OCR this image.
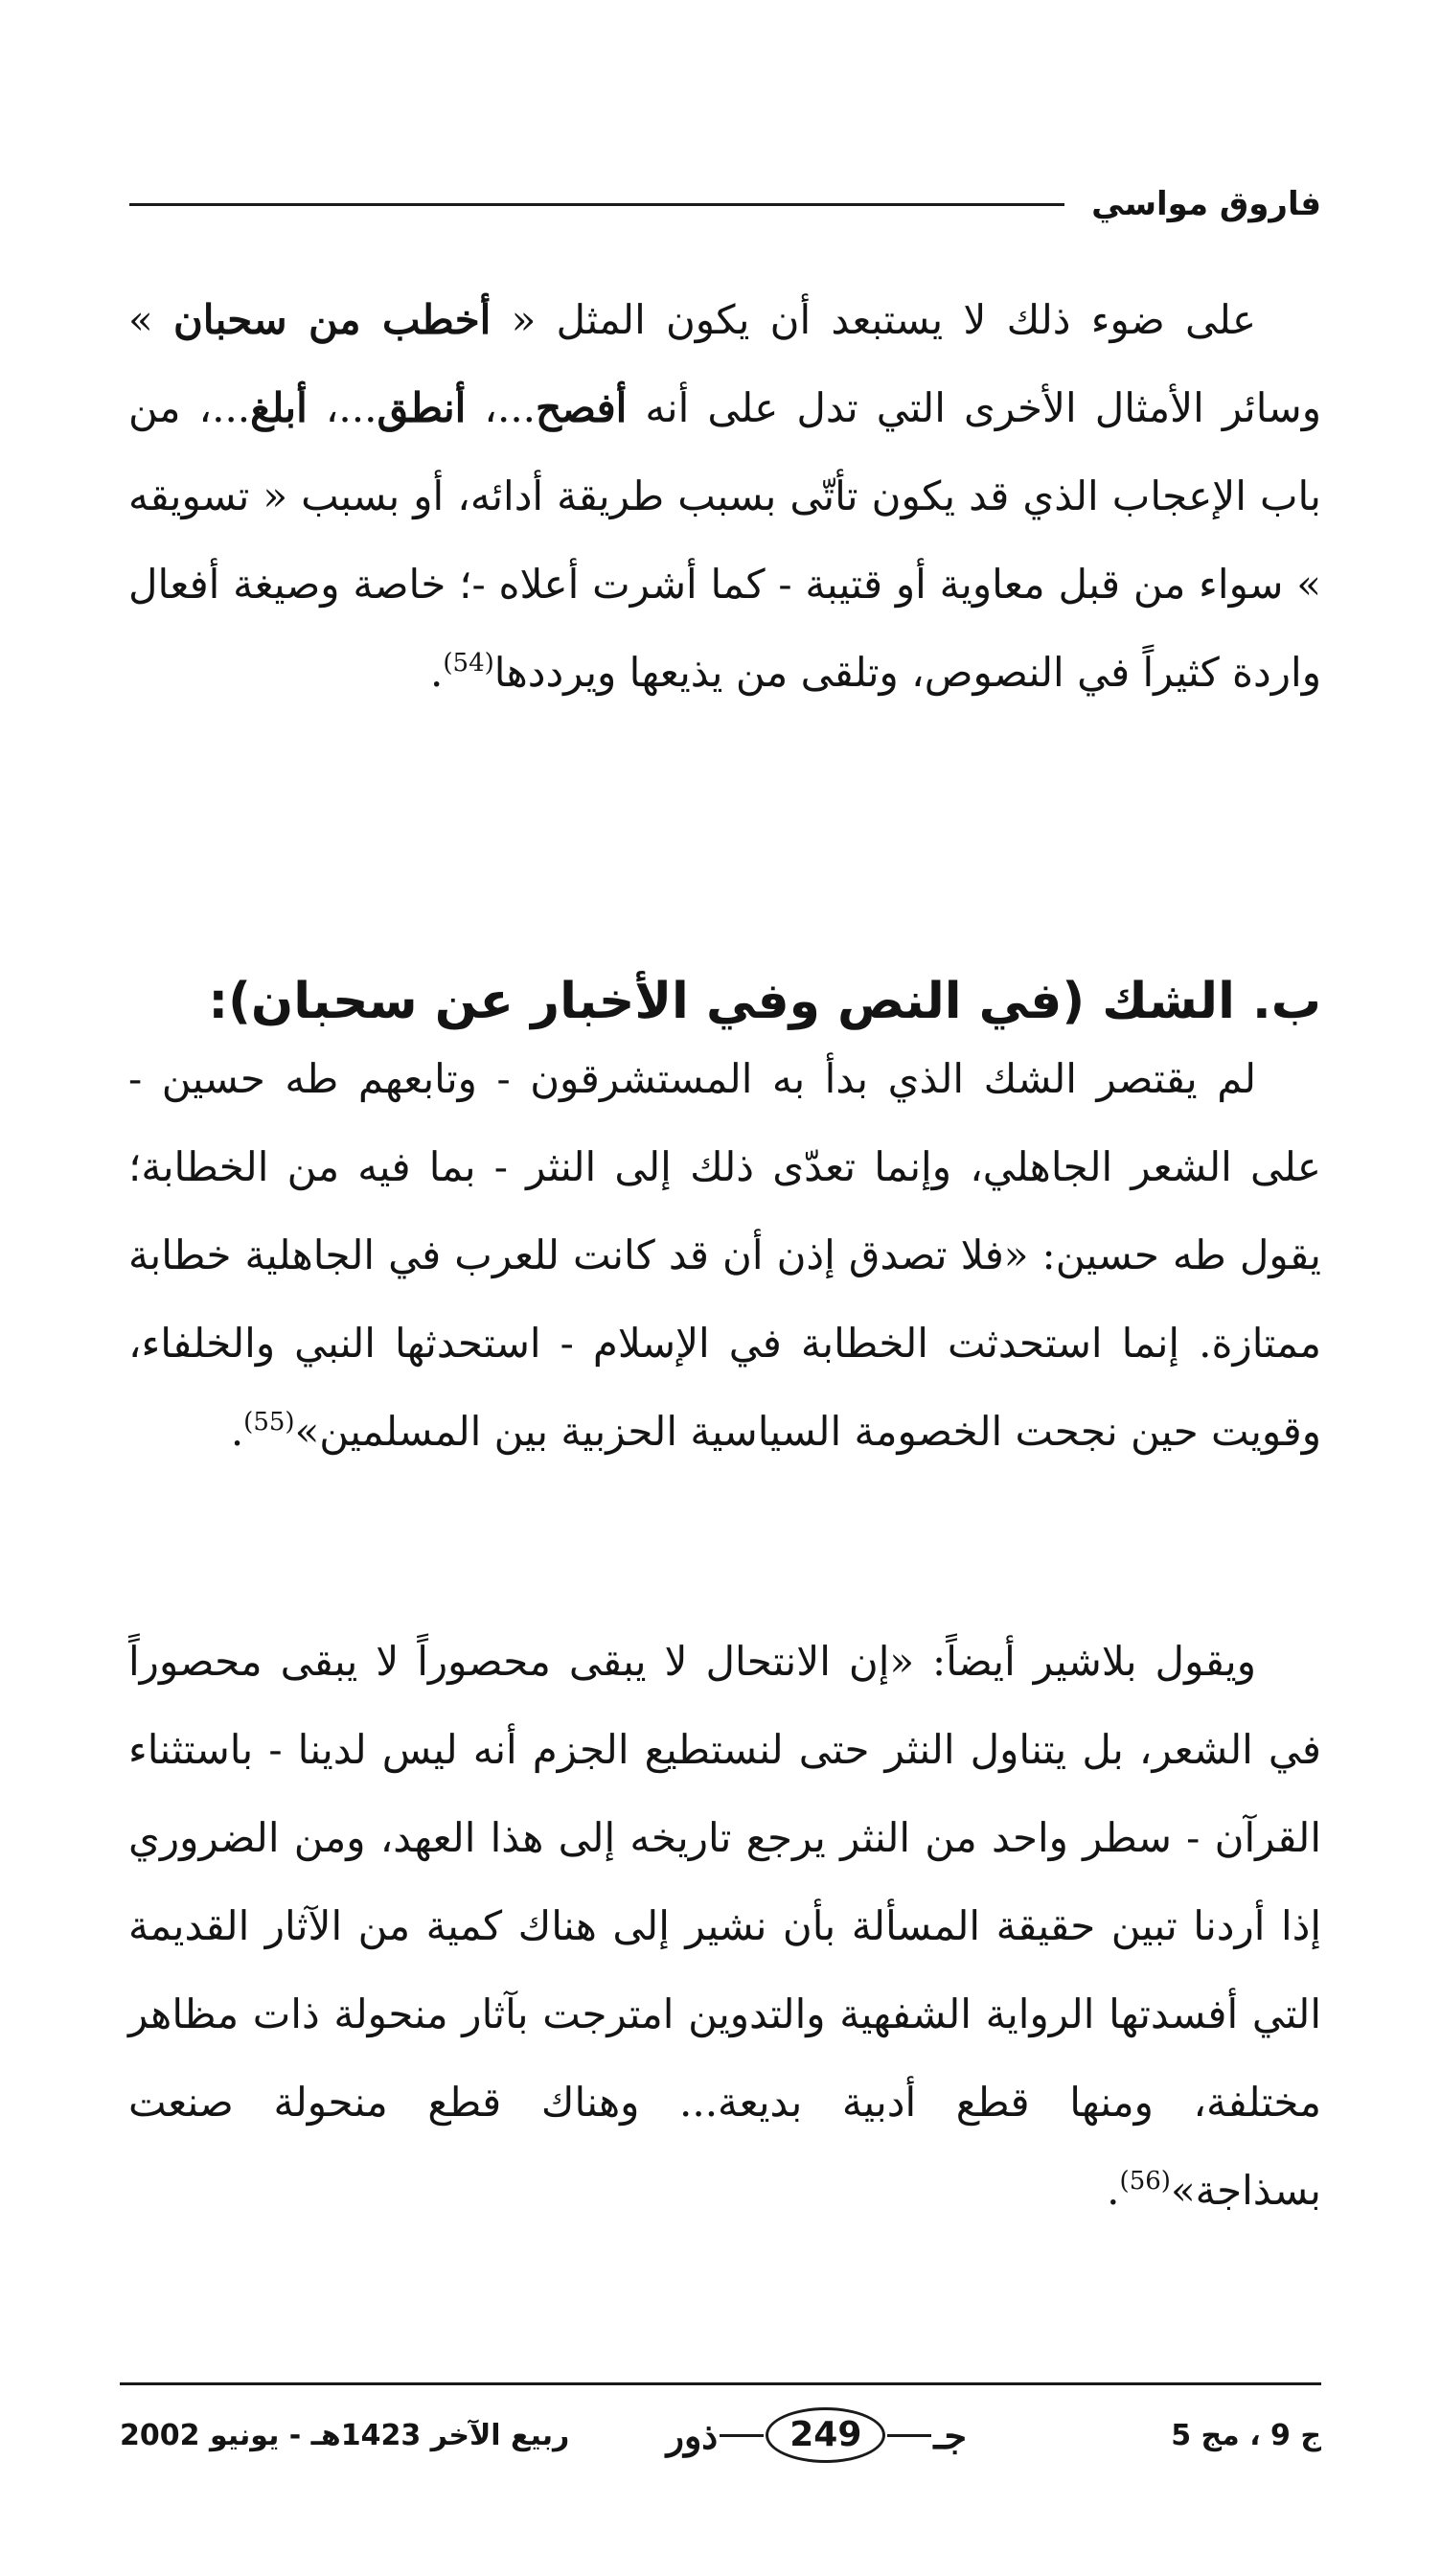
فاروق مواسي

على ضوء ذلك لا يستبعد أن يكون المثل « أخطب من سحبان » وسائر الأمثال الأخرى التي تدل على أنه أفصح...، أنطق...، أبلغ...، من باب الإعجاب الذي قد يكون تأتّى بسبب طريقة أدائه، أو بسبب « تسويقه » سواء من قبل معاوية أو قتيبة - كما أشرت أعلاه -؛ خاصة وصيغة أفعال واردة كثيراً في النصوص، وتلقى من يذيعها ويرددها$^{(54)}$.

ب. الشك (في النص وفي الأخبار عن سحبان):

لم يقتصر الشك الذي بدأ به المستشرقون - وتابعهم طه حسين - على الشعر الجاهلي، وإنما تعدّى ذلك إلى النثر - بما فيه من الخطابة؛ يقول طه حسين: «فلا تصدق إذن أن قد كانت للعرب في الجاهلية خطابة ممتازة. إنما استحدثت الخطابة في الإسلام - استحدثها النبي والخلفاء، وقويت حين نجحت الخصومة السياسية الحزبية بين المسلمين»$^{(55)}$.

ويقول بلاشير أيضاً: «إن الانتحال لا يبقى محصوراً لا يبقى محصوراً في الشعر، بل يتناول النثر حتى لنستطيع الجزم أنه ليس لدينا - باستثناء القرآن - سطر واحد من النثر يرجع تاريخه إلى هذا العهد، ومن الضروري إذا أردنا تبين حقيقة المسألة بأن نشير إلى هناك كمية من الآثار القديمة التي أفسدتها الرواية الشفهية والتدوين امترجت بآثار منحولة ذات مظاهر مختلفة، ومنها قطع أدبية بديعة... وهناك قطع منحولة صنعت بسذاجة»$^{(56)}$.

ج 9 ، مج 5
جـ
249
ذور
ربيع الآخر 1423هـ - يونيو 2002
